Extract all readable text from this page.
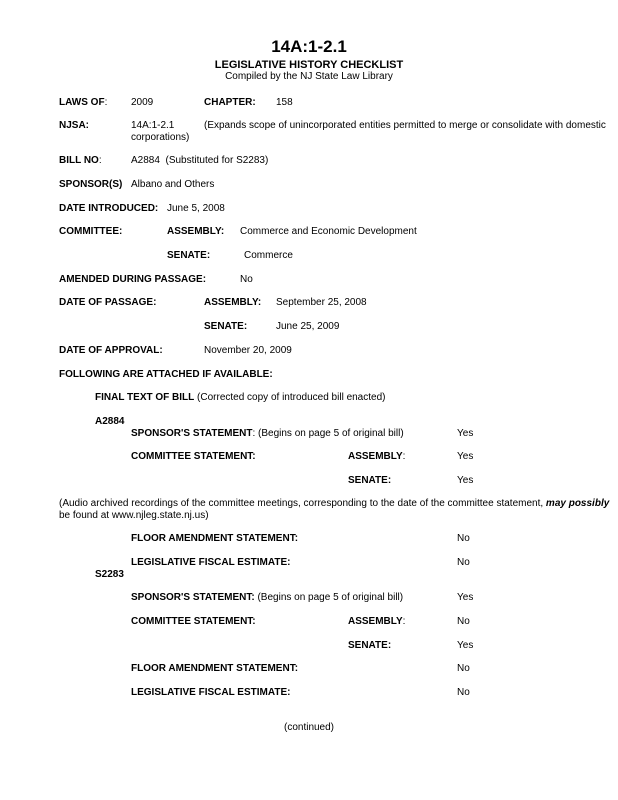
14A:1-2.1
LEGISLATIVE HISTORY CHECKLIST
Compiled by the NJ State Law Library
LAWS OF: 2009	CHAPTER: 158
NJSA:	14A:1-2.1	(Expands scope of unincorporated entities permitted to merge or consolidate with domestic
corporations)
BILL NO:	A2884 (Substituted for S2283)
SPONSOR(S) Albano and Others
DATE INTRODUCED: June 5, 2008
COMMITTEE:	ASSEMBLY: Commerce and Economic Development
SENATE:	Commerce
AMENDED DURING PASSAGE:	No
DATE OF PASSAGE:	ASSEMBLY: September 25, 2008
SENATE:	June 25, 2009
DATE OF APPROVAL:	November 20, 2009
FOLLOWING ARE ATTACHED IF AVAILABLE:
FINAL TEXT OF BILL (Corrected copy of introduced bill enacted)
A2884
SPONSOR'S STATEMENT: (Begins on page 5 of original bill)	Yes
COMMITTEE STATEMENT:	ASSEMBLY:	Yes
SENATE:	Yes
(Audio archived recordings of the committee meetings, corresponding to the date of the committee statement, may possibly
be found at www.njleg.state.nj.us)
FLOOR AMENDMENT STATEMENT:	No
LEGISLATIVE FISCAL ESTIMATE:	No
S2283
SPONSOR'S STATEMENT: (Begins on page 5 of original bill)	Yes
COMMITTEE STATEMENT:	ASSEMBLY:	No
SENATE:	Yes
FLOOR AMENDMENT STATEMENT:	No
LEGISLATIVE FISCAL ESTIMATE:	No
(continued)
